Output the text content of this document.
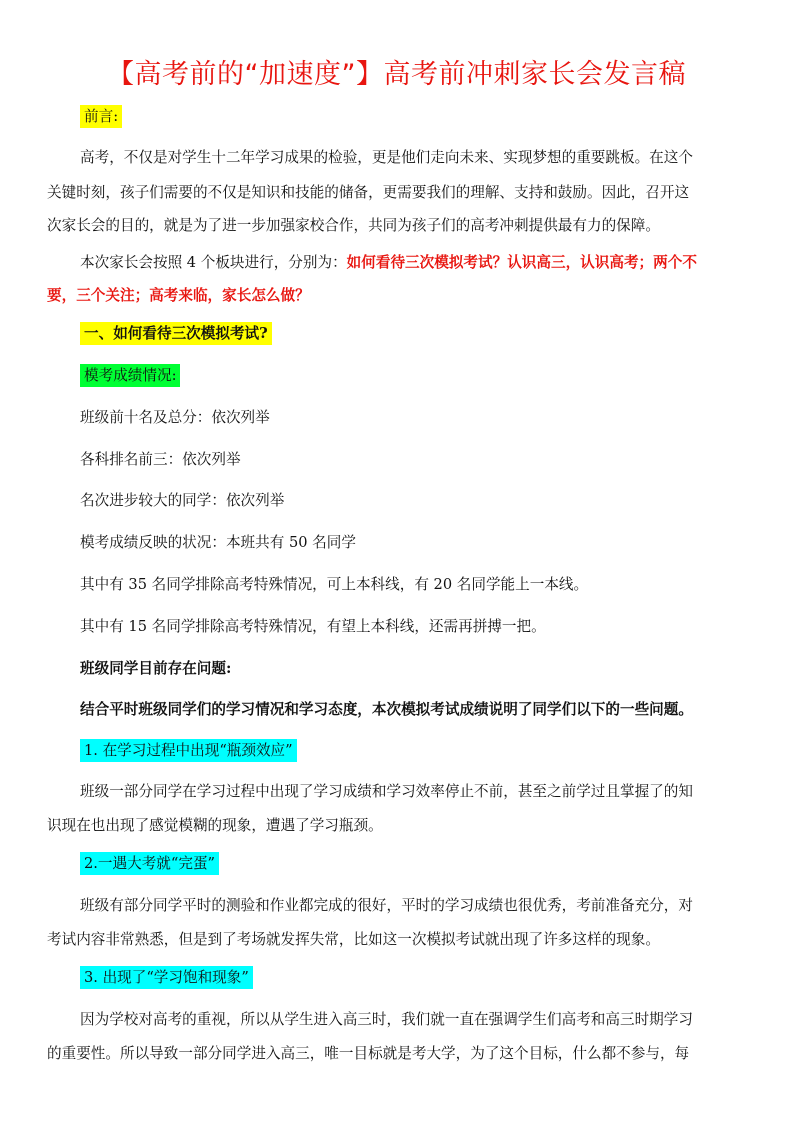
【高考前的“加速度”】高考前冲刺家长会发言稿
前言:
高考，不仅是对学生十二年学习成果的检验，更是他们走向未来、实现梦想的重要跳板。在这个
关键时刻，孩子们需要的不仅是知识和技能的储备，更需要我们的理解、支持和鼓励。因此，召开这
次家长会的目的，就是为了进一步加强家校合作，共同为孩子们的高考冲刺提供最有力的保障。
本次家长会按照 4 个板块进行，分别为：如何看待三次模拟考试？认识高三，认识高考；两个不
要，三个关注；高考来临，家长怎么做？
一、如何看待三次模拟考试?
模考成绩情况:
班级前十名及总分：依次列举
各科排名前三：依次列举
名次进步较大的同学：依次列举
模考成绩反映的状况：本班共有 50 名同学
其中有 35 名同学排除高考特殊情况，可上本科线，有 20 名同学能上一本线。
其中有 15 名同学排除高考特殊情况，有望上本科线，还需再拼搏一把。
班级同学目前存在问题:
结合平时班级同学们的学习情况和学习态度，本次模拟考试成绩说明了同学们以下的一些问题。
1. 在学习过程中出现“瓶颈效应”
班级一部分同学在学习过程中出现了学习成绩和学习效率停止不前，甚至之前学过且掌握了的知
识现在也出现了感觉模糊的现象，遭遇了学习瓶颈。
2.一遇大考就“完蛋”
班级有部分同学平时的测验和作业都完成的很好，平时的学习成绩也很优秀，考前准备充分，对
考试内容非常熟悉，但是到了考场就发挥失常，比如这一次模拟考试就出现了许多这样的现象。
3. 出现了“学习饱和现象”
因为学校对高考的重视，所以从学生进入高三时，我们就一直在强调学生们高考和高三时期学习
的重要性。所以导致一部分同学进入高三，唯一目标就是考大学，为了这个目标，什么都不参与，每
